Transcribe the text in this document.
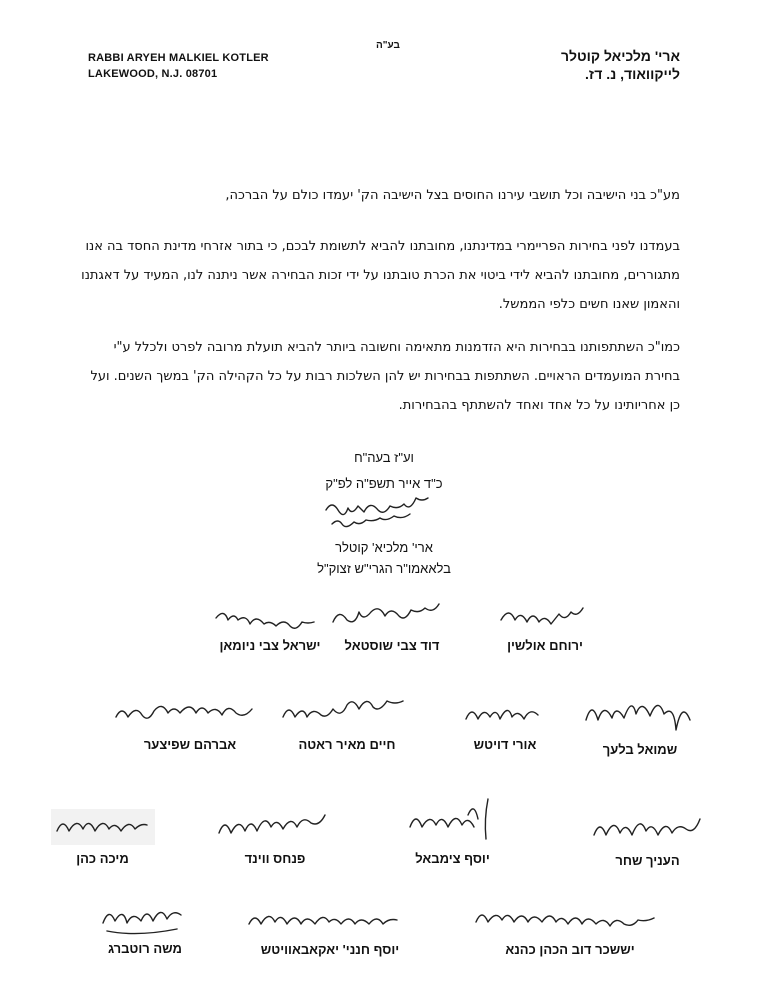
בע"ה
RABBI ARYEH MALKIEL KOTLER
LAKEWOOD, N.J. 08701
ארי' מלכיאל קוטלר
לייקוואוד, נ. דז.
מע"כ בני הישיבה וכל תושבי עירנו החוסים בצל הישיבה הק' יעמדו כולם על הברכה,
בעמדנו לפני בחירות הפריימרי במדינתנו, מחובתנו להביא לתשומת לבכם, כי בתור אזרחי מדינת החסד בה אנו מתגוררים, מחובתנו להביא לידי ביטוי את הכרת טובתנו על ידי זכות הבחירה אשר ניתנה לנו, המעיד על דאגתנו והאמון שאנו חשים כלפי הממשל.
כמו"כ השתתפותנו בבחירות היא הזדמנות מתאימה וחשובה ביותר להביא תועלת מרובה לפרט ולכלל ע"י בחירת המועמדים הראויים. השתתפות בבחירות יש להן השלכות רבות על כל הקהילה הק' במשך השנים. ועל כן אחריותינו על כל אחד ואחד להשתתף בהבחירות.
וע"ז בעה"ח
כ"ד אייר תשפ"ה לפ"ק
ארי' מלכיא' קוטלר
בלאאמו"ר הגרי"ש זצוק"ל
ירוחם אולשין
דוד צבי שוסטאל
ישראל צבי ניומאן
שמואל בלעך
אורי דויטש
חיים מאיר ראטה
אברהם שפיצער
העניך שחר
יוסף צימבאל
פנחס ווינד
מיכה כהן
יששכר דוב הכהן כהנא
יוסף חנני' יאקאבאוויטש
משה רוטברג
